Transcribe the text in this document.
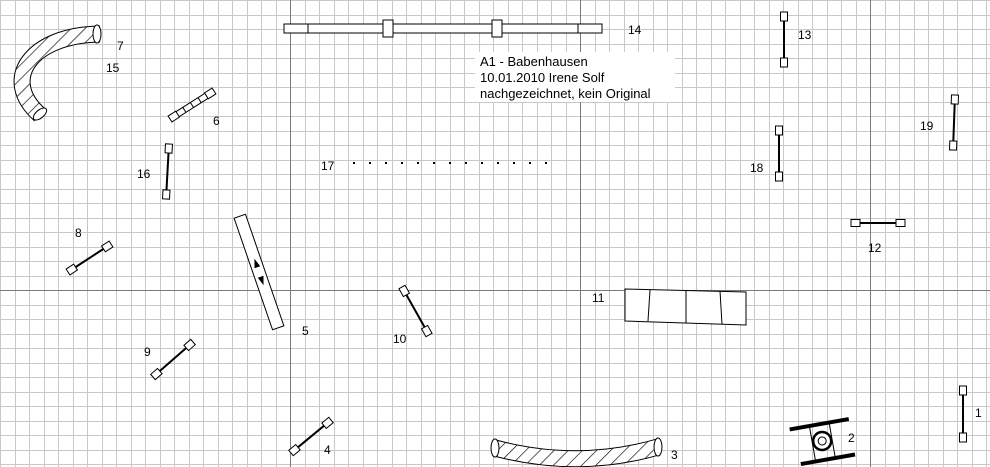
A1 - Babenhausen
10.01.2010 Irene Solf
nachgezeichnet, kein Original
1
2
3
4
5
6
7
8
9
10
11
12
13
14
15
16
17	18
19
